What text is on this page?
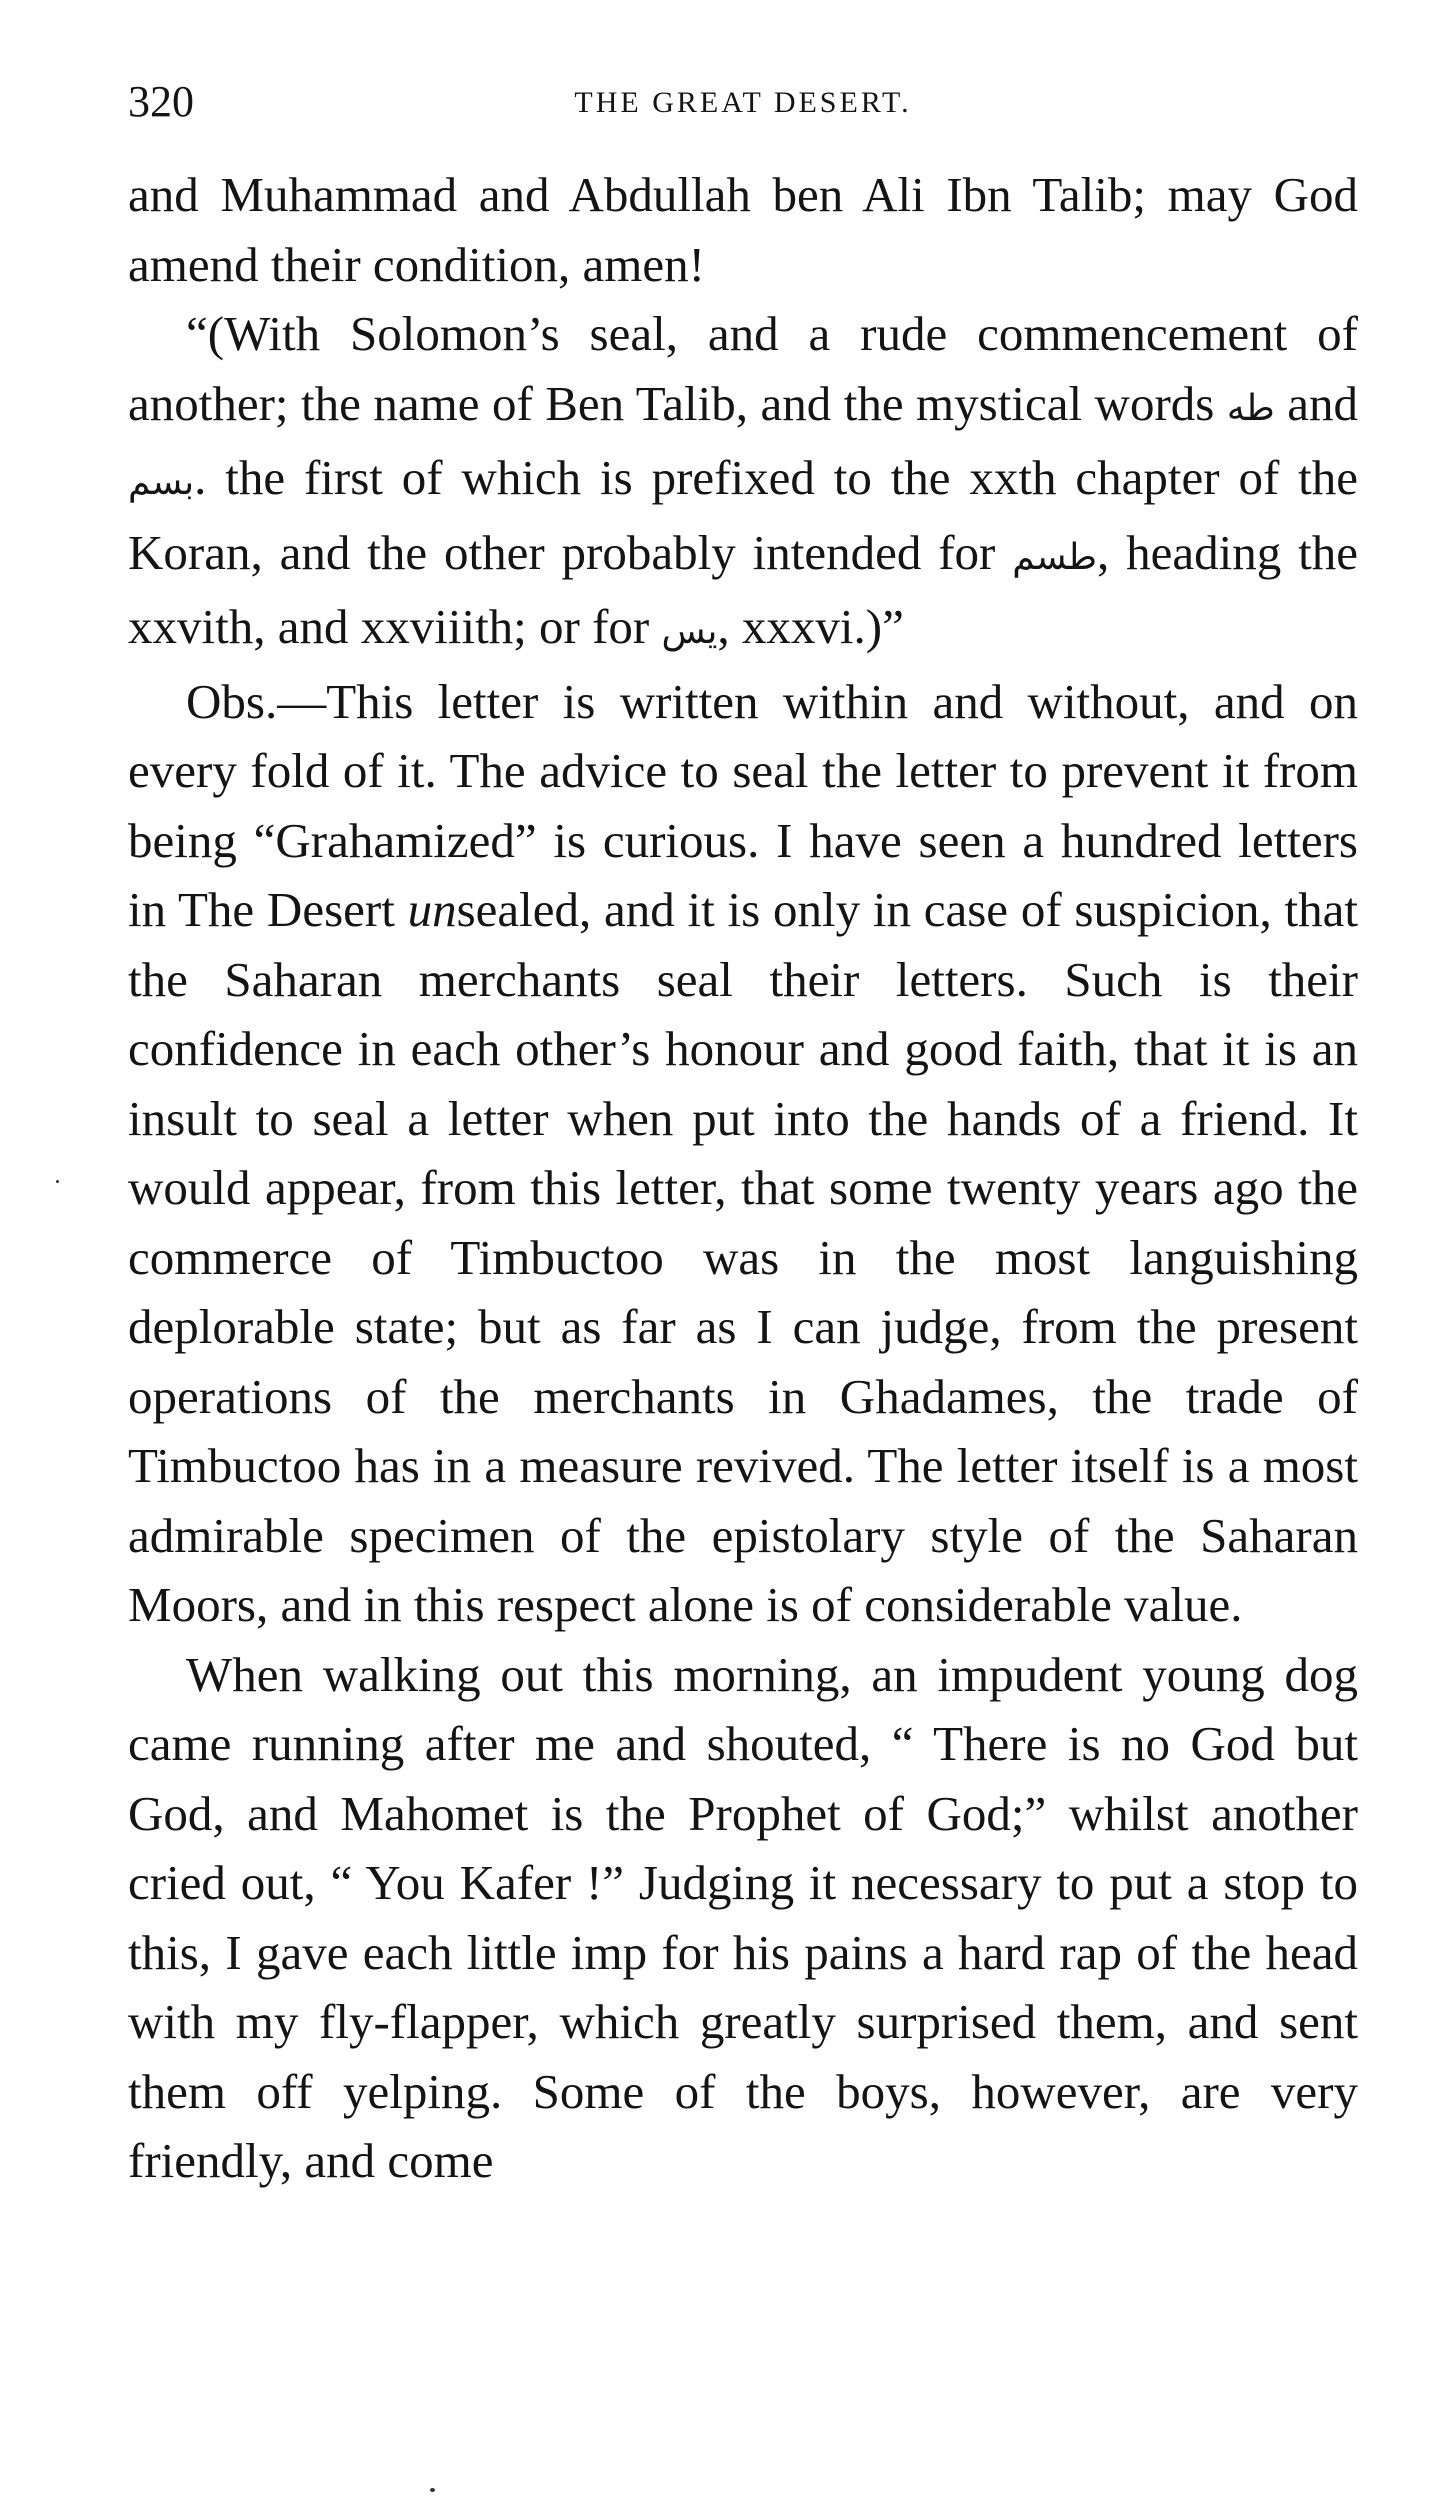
320	THE GREAT DESERT.

and Muhammad and Abdullah ben Ali Ibn Talib; may God amend their condition, amen!

“(With Solomon’s seal, and a rude commencement of another; the name of Ben Talib, and the mystical words طه and بسم. the first of which is prefixed to the xxth chapter of the Koran, and the other probably intended for طسم, heading the xxvith, and xxviiith; or for يس, xxxvi.)”

Obs.—This letter is written within and without, and on every fold of it. The advice to seal the letter to prevent it from being “Grahamized” is curious. I have seen a hundred letters in The Desert unsealed, and it is only in case of suspicion, that the Saharan merchants seal their letters. Such is their confidence in each other’s honour and good faith, that it is an insult to seal a letter when put into the hands of a friend. It would appear, from this letter, that some twenty years ago the commerce of Timbuctoo was in the most languishing deplorable state; but as far as I can judge, from the present operations of the merchants in Ghadames, the trade of Timbuctoo has in a measure revived. The letter itself is a most admirable specimen of the epistolary style of the Saharan Moors, and in this respect alone is of considerable value.

When walking out this morning, an impudent young dog came running after me and shouted, “ There is no God but God, and Mahomet is the Prophet of God;” whilst another cried out, “ You Kafer !” Judging it necessary to put a stop to this, I gave each little imp for his pains a hard rap of the head with my fly-flapper, which greatly surprised them, and sent them off yelping. Some of the boys, however, are very friendly, and come
